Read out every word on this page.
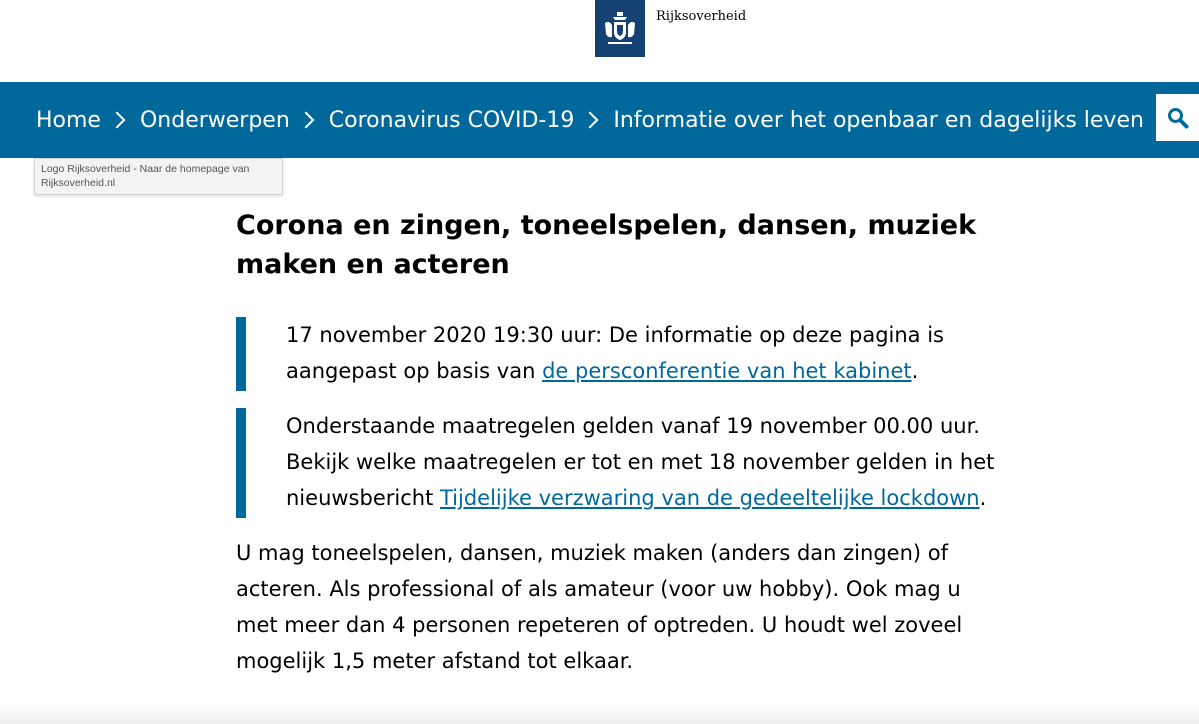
Rijksoverheid
Home Onderwerpen Coronavirus COVID-19 Informatie over het openbaar en dagelijks leven
Logo Rijksoverheid - Naar de homepage van Rijksoverheid.nl
Corona en zingen, toneelspelen, dansen, muziek maken en acteren
17 november 2020 19:30 uur: De informatie op deze pagina is aangepast op basis van de persconferentie van het kabinet.
Onderstaande maatregelen gelden vanaf 19 november 00.00 uur. Bekijk welke maatregelen er tot en met 18 november gelden in het nieuwsbericht Tijdelijke verzwaring van de gedeeltelijke lockdown.

U mag toneelspelen, dansen, muziek maken (anders dan zingen) of acteren. Als professional of als amateur (voor uw hobby). Ook mag u met meer dan 4 personen repeteren of optreden. U houdt wel zoveel mogelijk 1,5 meter afstand tot elkaar.
